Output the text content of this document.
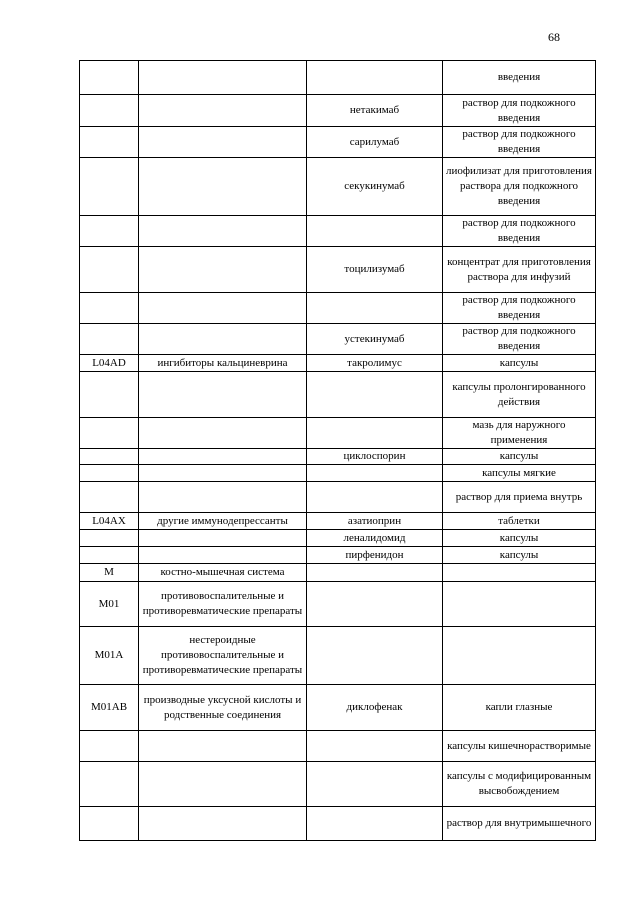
68
			введения
		нетакимаб	раствор для подкожного введения
		сарилумаб	раствор для подкожного введения
		секукинумаб	лиофилизат для приготовления раствора для подкожного введения
			раствор для подкожного введения
		тоцилизумаб	концентрат для приготовления раствора для инфузий
			раствор для подкожного введения
		устекинумаб	раствор для подкожного введения
L04AD	ингибиторы кальциневрина	такролимус	капсулы
			капсулы пролонгированного действия
			мазь для наружного применения
		циклоспорин	капсулы
			капсулы мягкие
			раствор для приема внутрь
L04AX	другие иммунодепрессанты	азатиоприн	таблетки
		леналидомид	капсулы
		пирфенидон	капсулы
M	костно-мышечная система		
M01	противовоспалительные и противоревматические препараты		
M01A	нестероидные противовоспалительные и противоревматические препараты		
M01AB	производные уксусной кислоты и родственные соединения	диклофенак	капли глазные
			капсулы кишечнорастворимые
			капсулы с модифицированным высвобождением
			раствор для внутримышечного
